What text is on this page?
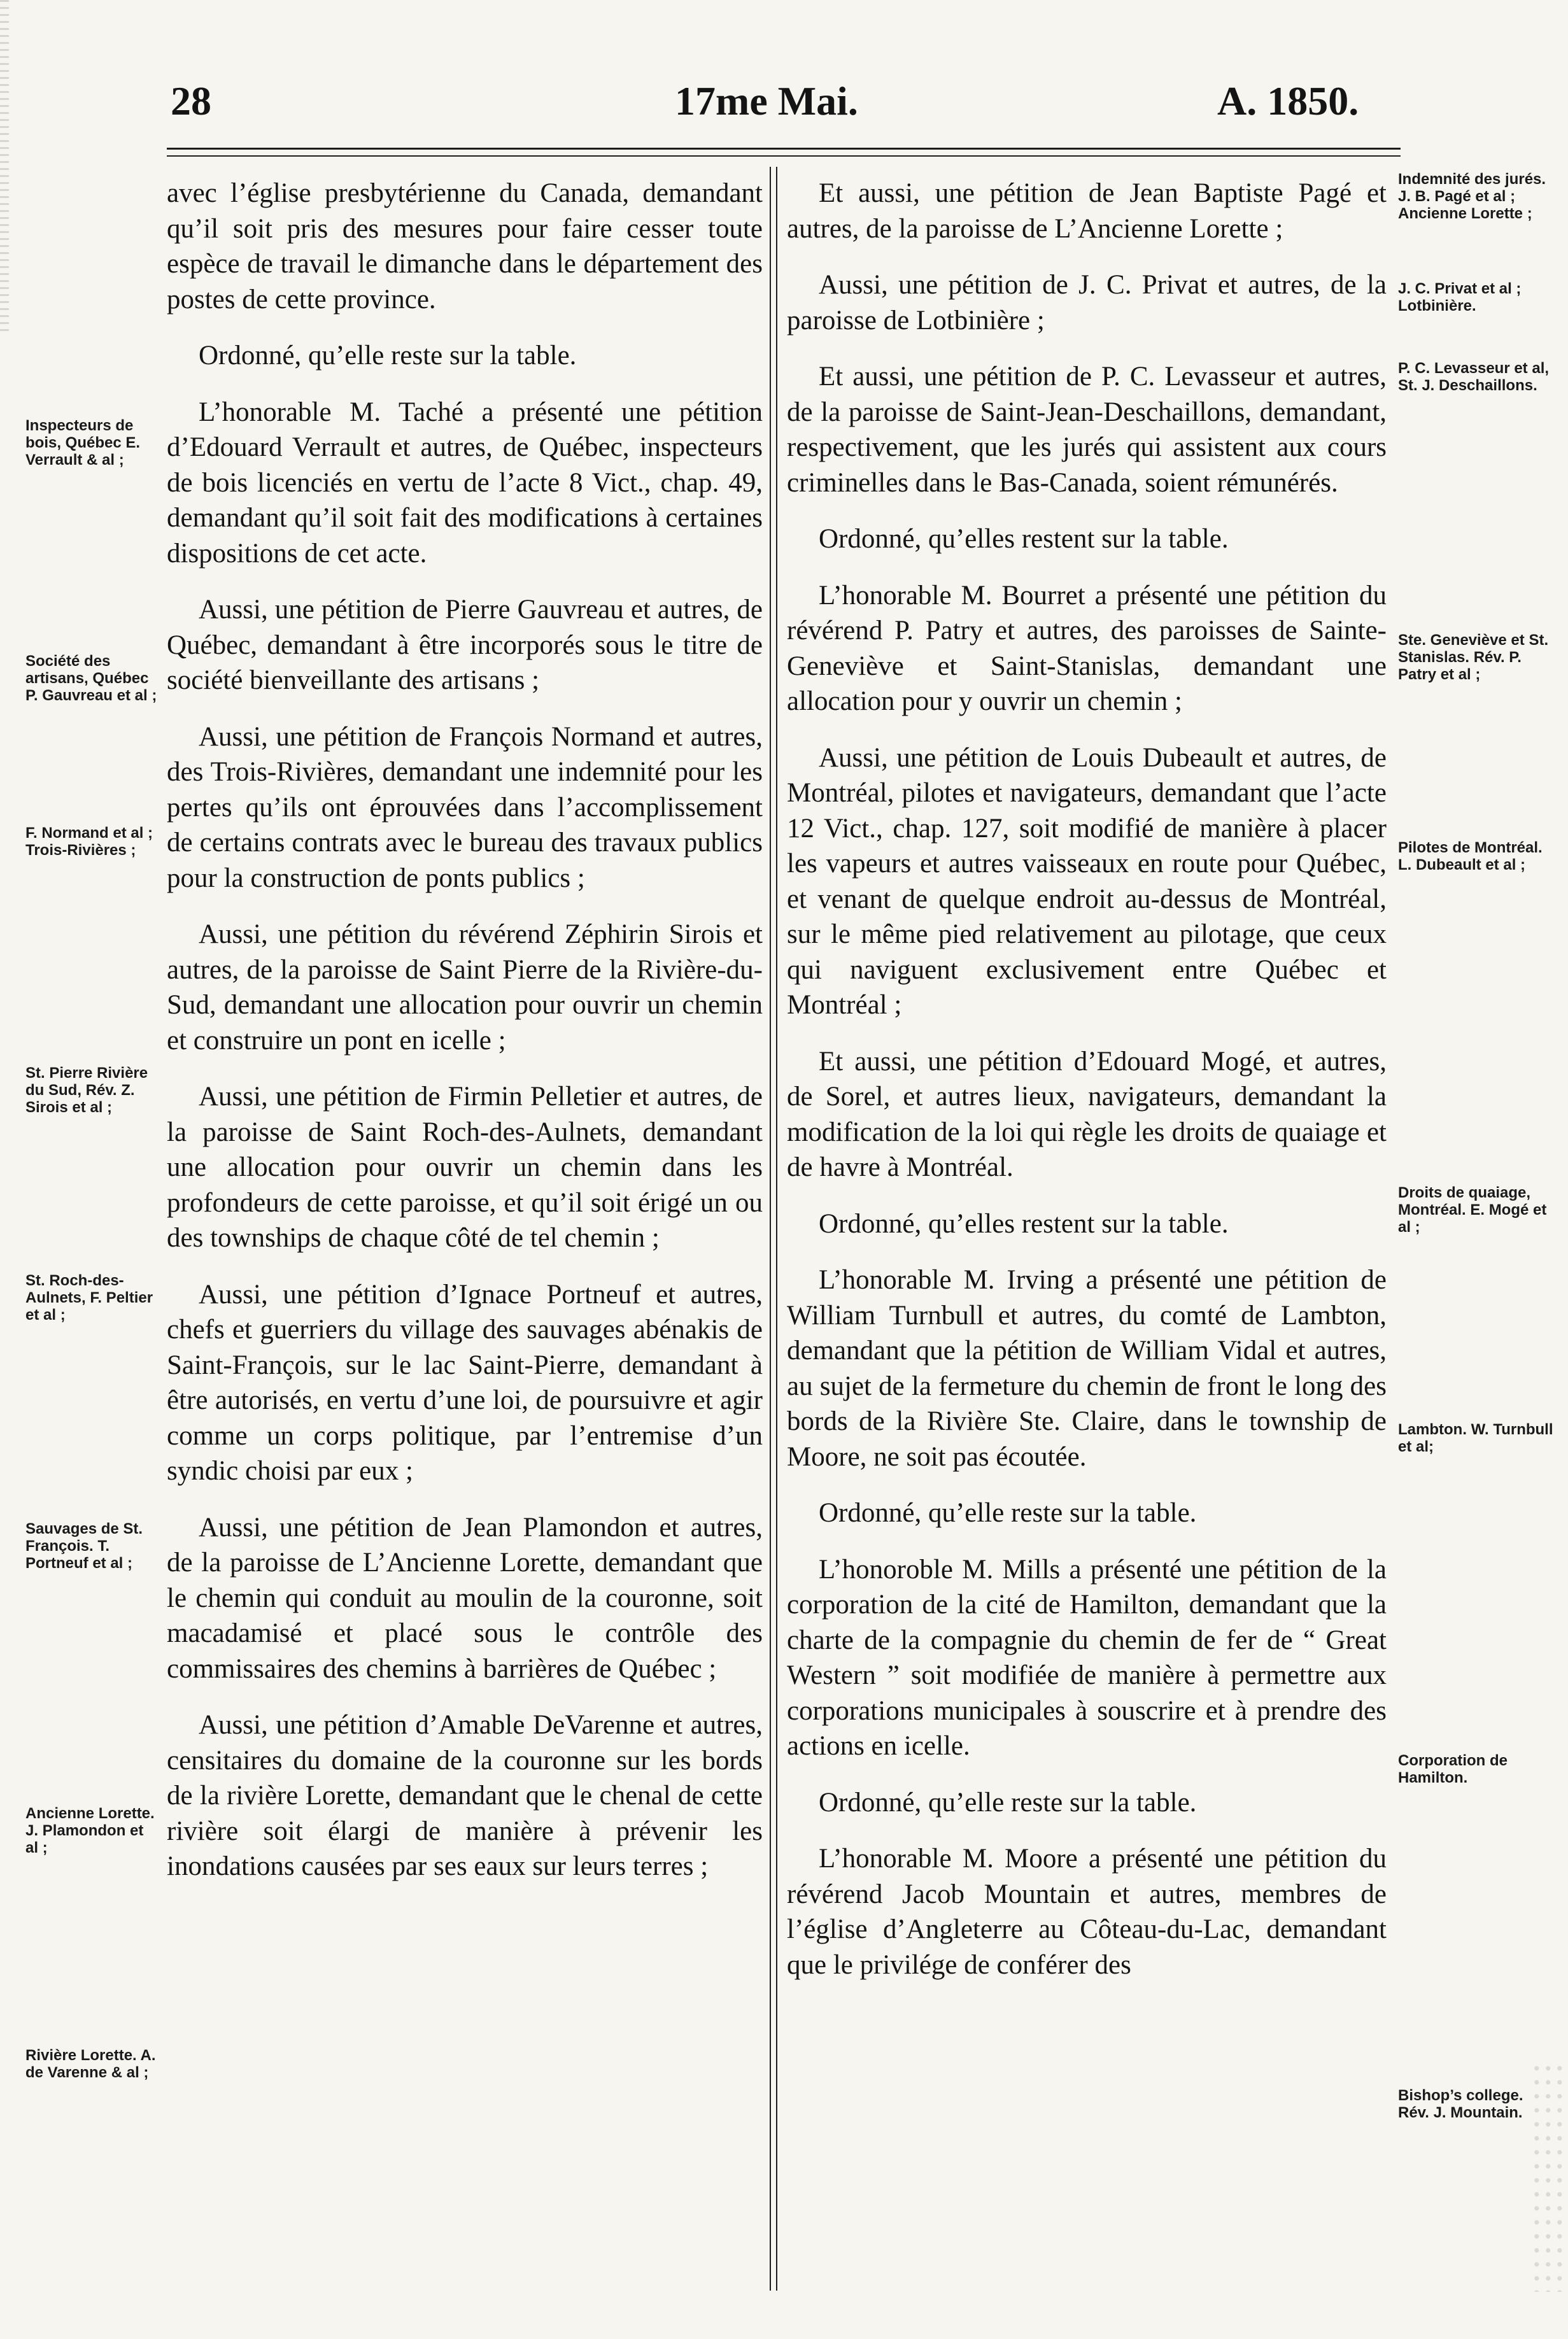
28	17me Mai.	A. 1850.

avec l’église presbytérienne du Canada, demandant qu’il soit pris des mesures pour faire cesser toute espèce de travail le dimanche dans le département des postes de cette province.

Ordonné, qu’elle reste sur la table.

L’honorable M. Taché a présenté une pétition d’Edouard Verrault et autres, de Québec, inspecteurs de bois licenciés en vertu de l’acte 8 Vict., chap. 49, demandant qu’il soit fait des modifications à certaines dispositions de cet acte.

Aussi, une pétition de Pierre Gauvreau et autres, de Québec, demandant à être incorporés sous le titre de société bienveillante des artisans ;

Aussi, une pétition de François Normand et autres, des Trois-Rivières, demandant une indemnité pour les pertes qu’ils ont éprouvées dans l’accomplissement de certains contrats avec le bureau des travaux publics pour la construction de ponts publics ;

Aussi, une pétition du révérend Zéphirin Sirois et autres, de la paroisse de Saint Pierre de la Rivière-du-Sud, demandant une allocation pour ouvrir un chemin et construire un pont en icelle ;

Aussi, une pétition de Firmin Pelletier et autres, de la paroisse de Saint Roch-des-Aulnets, demandant une allocation pour ouvrir un chemin dans les profondeurs de cette paroisse, et qu’il soit érigé un ou des townships de chaque côté de tel chemin ;

Aussi, une pétition d’Ignace Portneuf et autres, chefs et guerriers du village des sauvages abénakis de Saint-François, sur le lac Saint-Pierre, demandant à être autorisés, en vertu d’une loi, de poursuivre et agir comme un corps politique, par l’entremise d’un syndic choisi par eux ;

Aussi, une pétition de Jean Plamondon et autres, de la paroisse de L’Ancienne Lorette, demandant que le chemin qui conduit au moulin de la couronne, soit macadamisé et placé sous le contrôle des commissaires des chemins à barrières de Québec ;

Aussi, une pétition d’Amable DeVarenne et autres, censitaires du domaine de la couronne sur les bords de la rivière Lorette, demandant que le chenal de cette rivière soit élargi de manière à prévenir les inondations causées par ses eaux sur leurs terres ;

Et aussi, une pétition de Jean Baptiste Pagé et autres, de la paroisse de L’Ancienne Lorette ;

Aussi, une pétition de J. C. Privat et autres, de la paroisse de Lotbinière ;

Et aussi, une pétition de P. C. Levasseur et autres, de la paroisse de Saint-Jean-Deschaillons, demandant, respectivement, que les jurés qui assistent aux cours criminelles dans le Bas-Canada, soient rémunérés.

Ordonné, qu’elles restent sur la table.

L’honorable M. Bourret a présenté une pétition du révérend P. Patry et autres, des paroisses de Sainte-Geneviève et Saint-Stanislas, demandant une allocation pour y ouvrir un chemin ;

Aussi, une pétition de Louis Dubeault et autres, de Montréal, pilotes et navigateurs, demandant que l’acte 12 Vict., chap. 127, soit modifié de manière à placer les vapeurs et autres vaisseaux en route pour Québec, et venant de quelque endroit au-dessus de Montréal, sur le même pied relativement au pilotage, que ceux qui naviguent exclusivement entre Québec et Montréal ;

Et aussi, une pétition d’Edouard Mogé, et autres, de Sorel, et autres lieux, navigateurs, demandant la modification de la loi qui règle les droits de quaiage et de havre à Montréal.

Ordonné, qu’elles restent sur la table.

L’honorable M. Irving a présenté une pétition de William Turnbull et autres, du comté de Lambton, demandant que la pétition de William Vidal et autres, au sujet de la fermeture du chemin de front le long des bords de la Rivière Ste. Claire, dans le township de Moore, ne soit pas écoutée.

Ordonné, qu’elle reste sur la table.

L’honoroble M. Mills a présenté une pétition de la corporation de la cité de Hamilton, demandant que la charte de la compagnie du chemin de fer de “ Great Western ” soit modifiée de manière à permettre aux corporations municipales à souscrire et à prendre des actions en icelle.

Ordonné, qu’elle reste sur la table.

L’honorable M. Moore a présenté une pétition du révérend Jacob Mountain et autres, membres de l’église d’Angleterre au Côteau-du-Lac, demandant que le privilége de conférer des

Inspecteurs de bois, Québec E. Verrault & al ;
Société des artisans, Québec P. Gauvreau et al ;
F. Normand et al ; Trois-Rivières ;
St. Pierre Rivière du Sud, Rév. Z. Sirois et al ;
St. Roch-des-Aulnets, F. Peltier et al ;
Sauvages de St. François. T. Portneuf et al ;
Ancienne Lorette. J. Plamondon et al ;
Rivière Lorette. A. de Varenne & al ;
Indemnité des jurés. J. B. Pagé et al ; Ancienne Lorette ;
J. C. Privat et al ; Lotbinière.
P. C. Levasseur et al, St. J. Deschaillons.
Ste. Geneviève et St. Stanislas. Rév. P. Patry et al ;
Pilotes de Montréal. L. Dubeault et al ;
Droits de quaiage, Montréal. E. Mogé et al ;
Lambton. W. Turnbull et al;
Corporation de Hamilton.
Bishop’s college. Rév. J. Mountain.
